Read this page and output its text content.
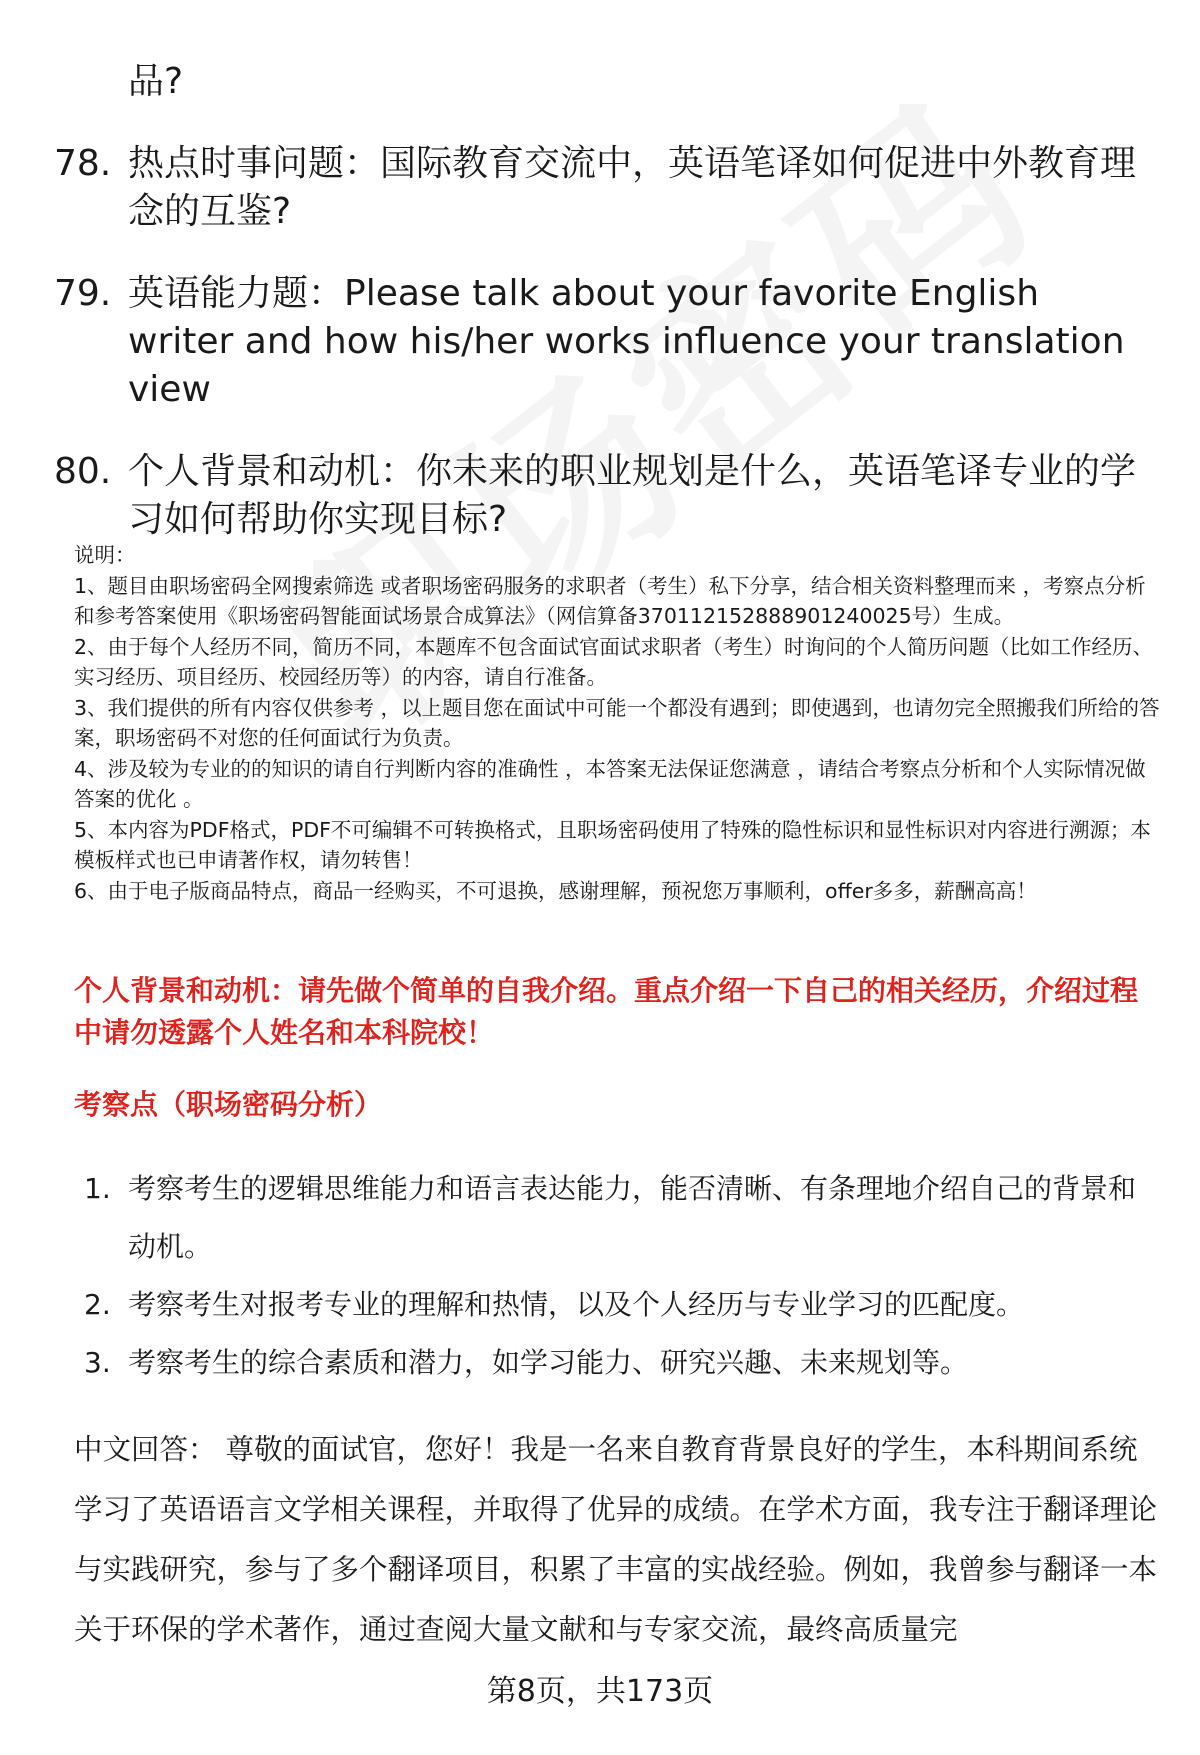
品?
78. 热点时事问题：国际教育交流中，英语笔译如何促进中外教育理念的互鉴?
79. 英语能力题：Please talk about your favorite English writer and how his/her works influence your translation view
80. 个人背景和动机：你未来的职业规划是什么，英语笔译专业的学习如何帮助你实现目标?
说明：
1、题目由职场密码全网搜索筛选 或者职场密码服务的求职者（考生）私下分享，结合相关资料整理而来 ，考察点分析和参考答案使用《职场密码智能面试场景合成算法》（网信算备370112152888901240025号）生成。
2、由于每个人经历不同，简历不同，本题库不包含面试官面试求职者（考生）时询问的个人简历问题（比如工作经历、实习经历、项目经历、校园经历等）的内容，请自行准备。
3、我们提供的所有内容仅供参考 ，以上题目您在面试中可能一个都没有遇到；即使遇到，也请勿完全照搬我们所给的答案，职场密码不对您的任何面试行为负责。
4、涉及较为专业的的知识的请自行判断内容的准确性 ，本答案无法保证您满意 ，请结合考察点分析和个人实际情况做答案的优化 。
5、本内容为PDF格式，PDF不可编辑不可转换格式，且职场密码使用了特殊的隐性标识和显性标识对内容进行溯源；本模板样式也已申请著作权，请勿转售！
6、由于电子版商品特点，商品一经购买，不可退换，感谢理解，预祝您万事顺利，offer多多，薪酬高高！
个人背景和动机：请先做个简单的自我介绍。重点介绍一下自己的相关经历，介绍过程中请勿透露个人姓名和本科院校！
考察点（职场密码分析）
1. 考察考生的逻辑思维能力和语言表达能力，能否清晰、有条理地介绍自己的背景和动机。
2. 考察考生对报考专业的理解和热情，以及个人经历与专业学习的匹配度。
3. 考察考生的综合素质和潜力，如学习能力、研究兴趣、未来规划等。
中文回答： 尊敬的面试官，您好！我是一名来自教育背景良好的学生，本科期间系统学习了英语语言文学相关课程，并取得了优异的成绩。在学术方面，我专注于翻译理论与实践研究，参与了多个翻译项目，积累了丰富的实战经验。例如，我曾参与翻译一本关于环保的学术著作，通过查阅大量文献和与专家交流，最终高质量完
第8页，共173页
